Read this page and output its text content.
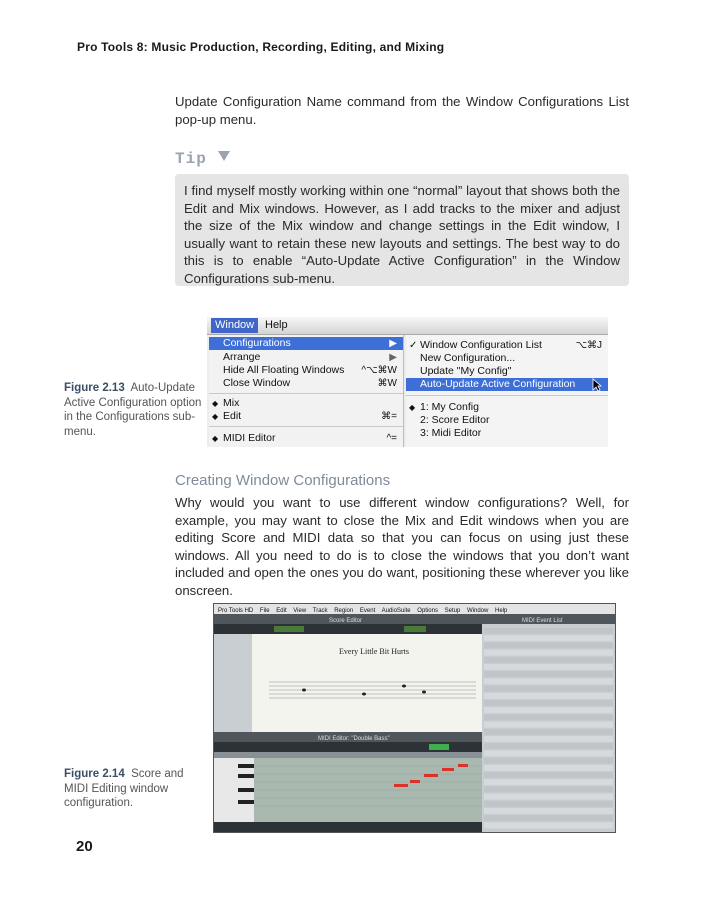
Pro Tools 8: Music Production, Recording, Editing, and Mixing
Update Configuration Name command from the Window Configurations List pop-up menu.
Tip
I find myself mostly working within one “normal” layout that shows both the Edit and Mix windows. However, as I add tracks to the mixer and adjust the size of the Mix window and change settings in the Edit window, I usually want to retain these new layouts and settings. The best way to do this is to enable “Auto-Update Active Configuration” in the Window Configurations sub-menu.
Window Help
Configurations	▶
Arrange	▶
Hide All Floating Windows ^⌥⌘W
Close Window	⌘W
◆ Mix
◆ Edit	⌘=
◆ MIDI Editor	^=
✓ Window Configuration List	⌥⌘J
New Configuration...
Update "My Config"
Auto-Update Active Configuration
◆ 1: My Config
2: Score Editor
3: Midi Editor
Figure 2.13 Auto-Update Active Configuration option in the Configurations sub-menu.
Creating Window Configurations
Why would you want to use different window configurations? Well, for example, you may want to close the Mix and Edit windows when you are editing Score and MIDI data so that you can focus on using just these windows. All you need to do is to close the windows that you don’t want included and open the ones you do want, positioning these wherever you like onscreen.
Pro Tools HD File Edit View Track Region Event AudioSuite Options Setup Window Help
Score Editor
Every Little Bit Hurts
MIDI Editor: "Double Bass"
MIDI Event List
Figure 2.14 Score and MIDI Editing window configuration.
20
